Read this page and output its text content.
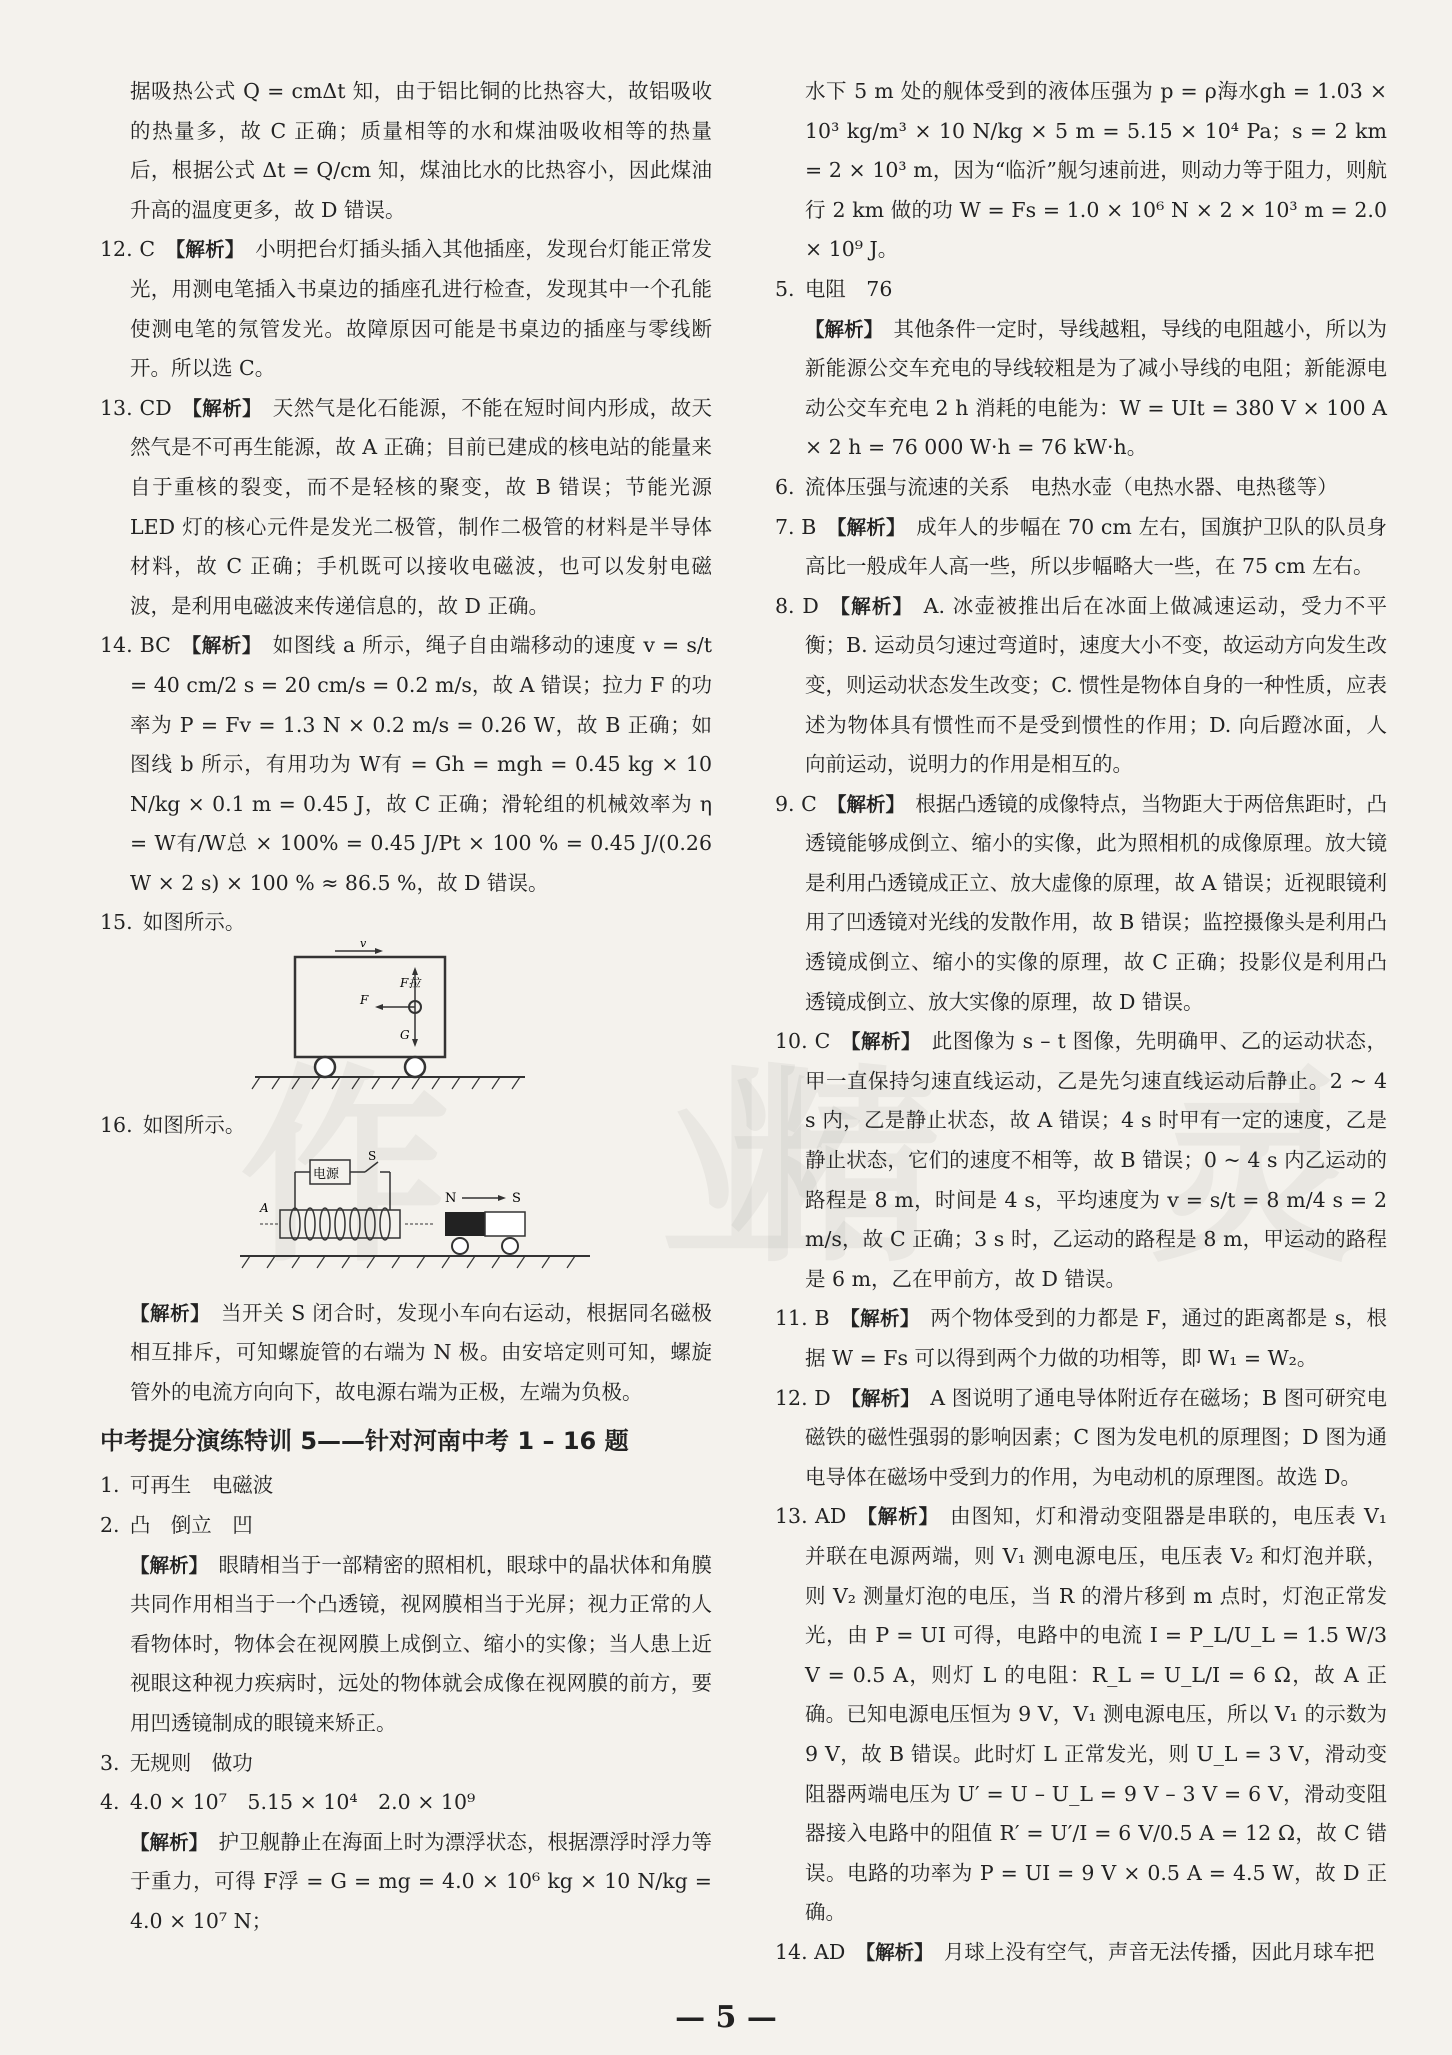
据吸热公式 Q = cmΔt 知，由于铝比铜的比热容大，故铝吸收的热量多，故 C 正确；质量相等的水和煤油吸收相等的热量后，根据公式 Δt = Q/cm 知，煤油比水的比热容小，因此煤油升高的温度更多，故 D 错误。

12. C  【解析】  小明把台灯插头插入其他插座，发现台灯能正常发光，用测电笔插入书桌边的插座孔进行检查，发现其中一个孔能使测电笔的氖管发光。故障原因可能是书桌边的插座与零线断开。所以选 C。

13. CD  【解析】  天然气是化石能源，不能在短时间内形成，故天然气是不可再生能源，故 A 正确；目前已建成的核电站的能量来自于重核的裂变，而不是轻核的聚变，故 B 错误；节能光源 LED 灯的核心元件是发光二极管，制作二极管的材料是半导体材料，故 C 正确；手机既可以接收电磁波，也可以发射电磁波，是利用电磁波来传递信息的，故 D 正确。

14. BC  【解析】  如图线 a 所示，绳子自由端移动的速度 v = s/t = 40 cm/2 s = 20 cm/s = 0.2 m/s，故 A 错误；拉力 F 的功率为 P = Fv = 1.3 N × 0.2 m/s = 0.26 W，故 B 正确；如图线 b 所示，有用功为 W有 = Gh = mgh = 0.45 kg × 10 N/kg × 0.1 m = 0.45 J，故 C 正确；滑轮组的机械效率为 η = W有/W总 × 100% = 0.45 J/Pt × 100 % = 0.45 J/(0.26 W × 2 s) × 100 % ≈ 86.5 %，故 D 错误。

15.  如图所示。

v
F拉
F
G

16.  如图所示。

电源
S
A
N	S

【解析】  当开关 S 闭合时，发现小车向右运动，根据同名磁极相互排斥，可知螺旋管的右端为 N 极。由安培定则可知，螺旋管外的电流方向向下，故电源右端为正极，左端为负极。

中考提分演练特训 5——针对河南中考 1 – 16 题

1.  可再生　电磁波

2.  凸　倒立　凹

【解析】  眼睛相当于一部精密的照相机，眼球中的晶状体和角膜共同作用相当于一个凸透镜，视网膜相当于光屏；视力正常的人看物体时，物体会在视网膜上成倒立、缩小的实像；当人患上近视眼这种视力疾病时，远处的物体就会成像在视网膜的前方，要用凹透镜制成的眼镜来矫正。

3.  无规则　做功

4.  4.0 × 10⁷　5.15 × 10⁴　2.0 × 10⁹

【解析】  护卫舰静止在海面上时为漂浮状态，根据漂浮时浮力等于重力，可得 F浮 = G = mg = 4.0 × 10⁶ kg × 10 N/kg = 4.0 × 10⁷ N；

水下 5 m 处的舰体受到的液体压强为 p = ρ海水gh = 1.03 × 10³ kg/m³ × 10 N/kg × 5 m = 5.15 × 10⁴ Pa；s = 2 km = 2 × 10³ m，因为“临沂”舰匀速前进，则动力等于阻力，则航行 2 km 做的功 W = Fs = 1.0 × 10⁶ N × 2 × 10³ m = 2.0 × 10⁹ J。

5.  电阻　76

【解析】  其他条件一定时，导线越粗，导线的电阻越小，所以为新能源公交车充电的导线较粗是为了减小导线的电阻；新能源电动公交车充电 2 h 消耗的电能为：W = UIt = 380 V × 100 A × 2 h = 76 000 W·h = 76 kW·h。

6.  流体压强与流速的关系　电热水壶（电热水器、电热毯等）

7. B  【解析】  成年人的步幅在 70 cm 左右，国旗护卫队的队员身高比一般成年人高一些，所以步幅略大一些，在 75 cm 左右。

8. D  【解析】  A. 冰壶被推出后在冰面上做减速运动，受力不平衡；B. 运动员匀速过弯道时，速度大小不变，故运动方向发生改变，则运动状态发生改变；C. 惯性是物体自身的一种性质，应表述为物体具有惯性而不是受到惯性的作用；D. 向后蹬冰面，人向前运动，说明力的作用是相互的。

9. C  【解析】  根据凸透镜的成像特点，当物距大于两倍焦距时，凸透镜能够成倒立、缩小的实像，此为照相机的成像原理。放大镜是利用凸透镜成正立、放大虚像的原理，故 A 错误；近视眼镜利用了凹透镜对光线的发散作用，故 B 错误；监控摄像头是利用凸透镜成倒立、缩小的实像的原理，故 C 正确；投影仪是利用凸透镜成倒立、放大实像的原理，故 D 错误。

10. C  【解析】  此图像为 s – t 图像，先明确甲、乙的运动状态，甲一直保持匀速直线运动，乙是先匀速直线运动后静止。2 ~ 4 s 内，乙是静止状态，故 A 错误；4 s 时甲有一定的速度，乙是静止状态，它们的速度不相等，故 B 错误；0 ~ 4 s 内乙运动的路程是 8 m，时间是 4 s，平均速度为 v = s/t = 8 m/4 s = 2 m/s，故 C 正确；3 s 时，乙运动的路程是 8 m，甲运动的路程是 6 m，乙在甲前方，故 D 错误。

11. B  【解析】  两个物体受到的力都是 F，通过的距离都是 s，根据 W = Fs 可以得到两个力做的功相等，即 W₁ = W₂。

12. D  【解析】  A 图说明了通电导体附近存在磁场；B 图可研究电磁铁的磁性强弱的影响因素；C 图为发电机的原理图；D 图为通电导体在磁场中受到力的作用，为电动机的原理图。故选 D。

13. AD  【解析】  由图知，灯和滑动变阻器是串联的，电压表 V₁ 并联在电源两端，则 V₁ 测电源电压，电压表 V₂ 和灯泡并联，则 V₂ 测量灯泡的电压，当 R 的滑片移到 m 点时，灯泡正常发光，由 P = UI 可得，电路中的电流 I = P_L/U_L = 1.5 W/3 V = 0.5 A，则灯 L 的电阻：R_L = U_L/I = 6 Ω，故 A 正确。已知电源电压恒为 9 V，V₁ 测电源电压，所以 V₁ 的示数为 9 V，故 B 错误。此时灯 L 正常发光，则 U_L = 3 V，滑动变阻器两端电压为 U′ = U – U_L = 9 V – 3 V = 6 V，滑动变阻器接入电路中的阻值 R′ = U′/I = 6 V/0.5 A = 12 Ω，故 C 错误。电路的功率为 P = UI = 9 V × 0.5 A = 4.5 W，故 D 正确。

14. AD  【解析】  月球上没有空气，声音无法传播，因此月球车把

— 5 —
